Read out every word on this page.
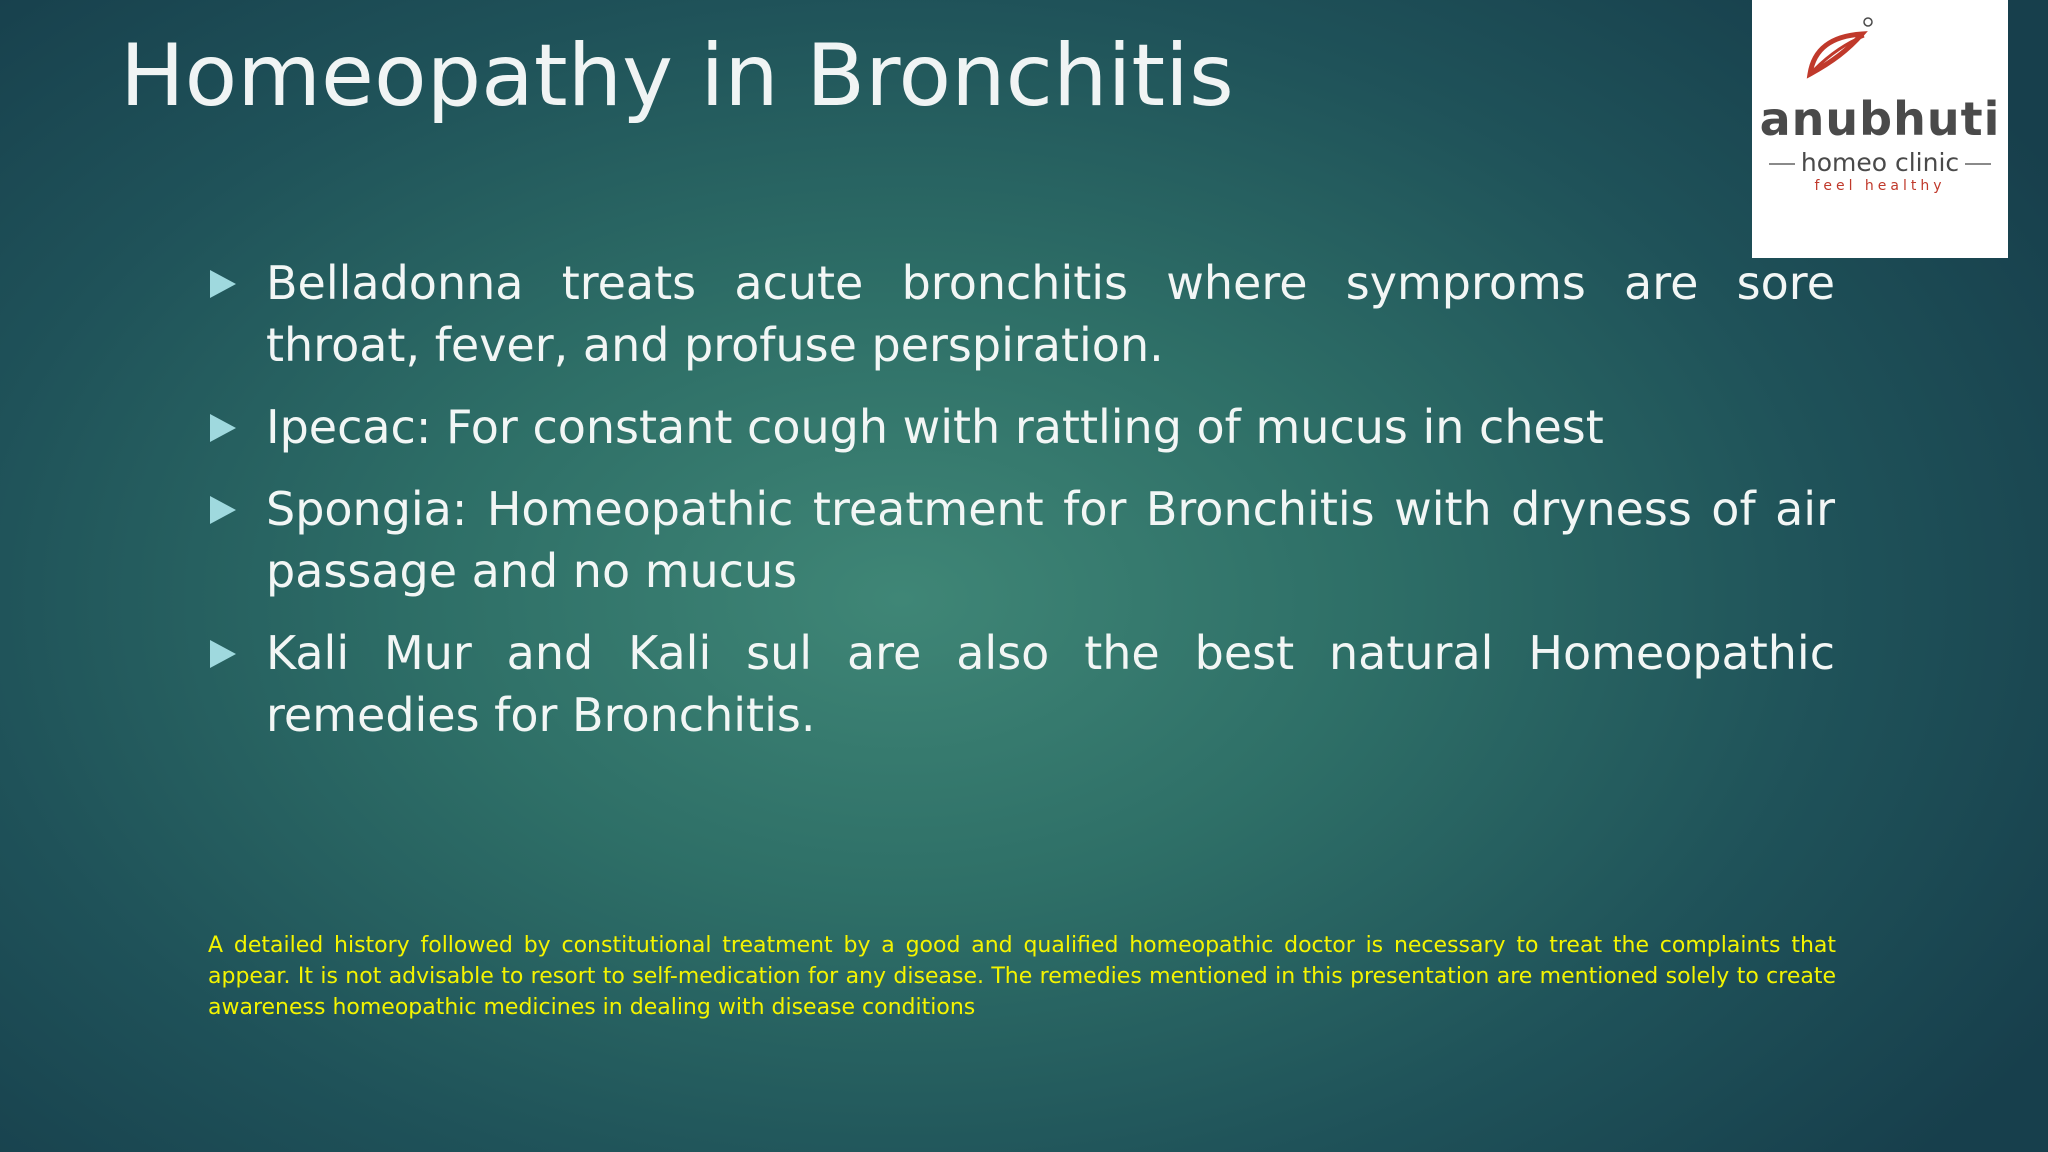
Homeopathy in Bronchitis	anubhuti
homeo clinic
feel healthy
Belladonna treats acute bronchitis where symproms are sore throat, fever, and profuse perspiration.
Ipecac: For constant cough with rattling of mucus in chest
Spongia: Homeopathic treatment for Bronchitis with dryness of air passage and no mucus
Kali Mur and Kali sul are also the best natural Homeopathic remedies for Bronchitis.

A detailed history followed by constitutional treatment by a good and qualified homeopathic doctor is necessary to treat the complaints that appear. It is not advisable to resort to self-medication for any disease. The remedies mentioned in this presentation are mentioned solely to create awareness homeopathic medicines in dealing with disease conditions
